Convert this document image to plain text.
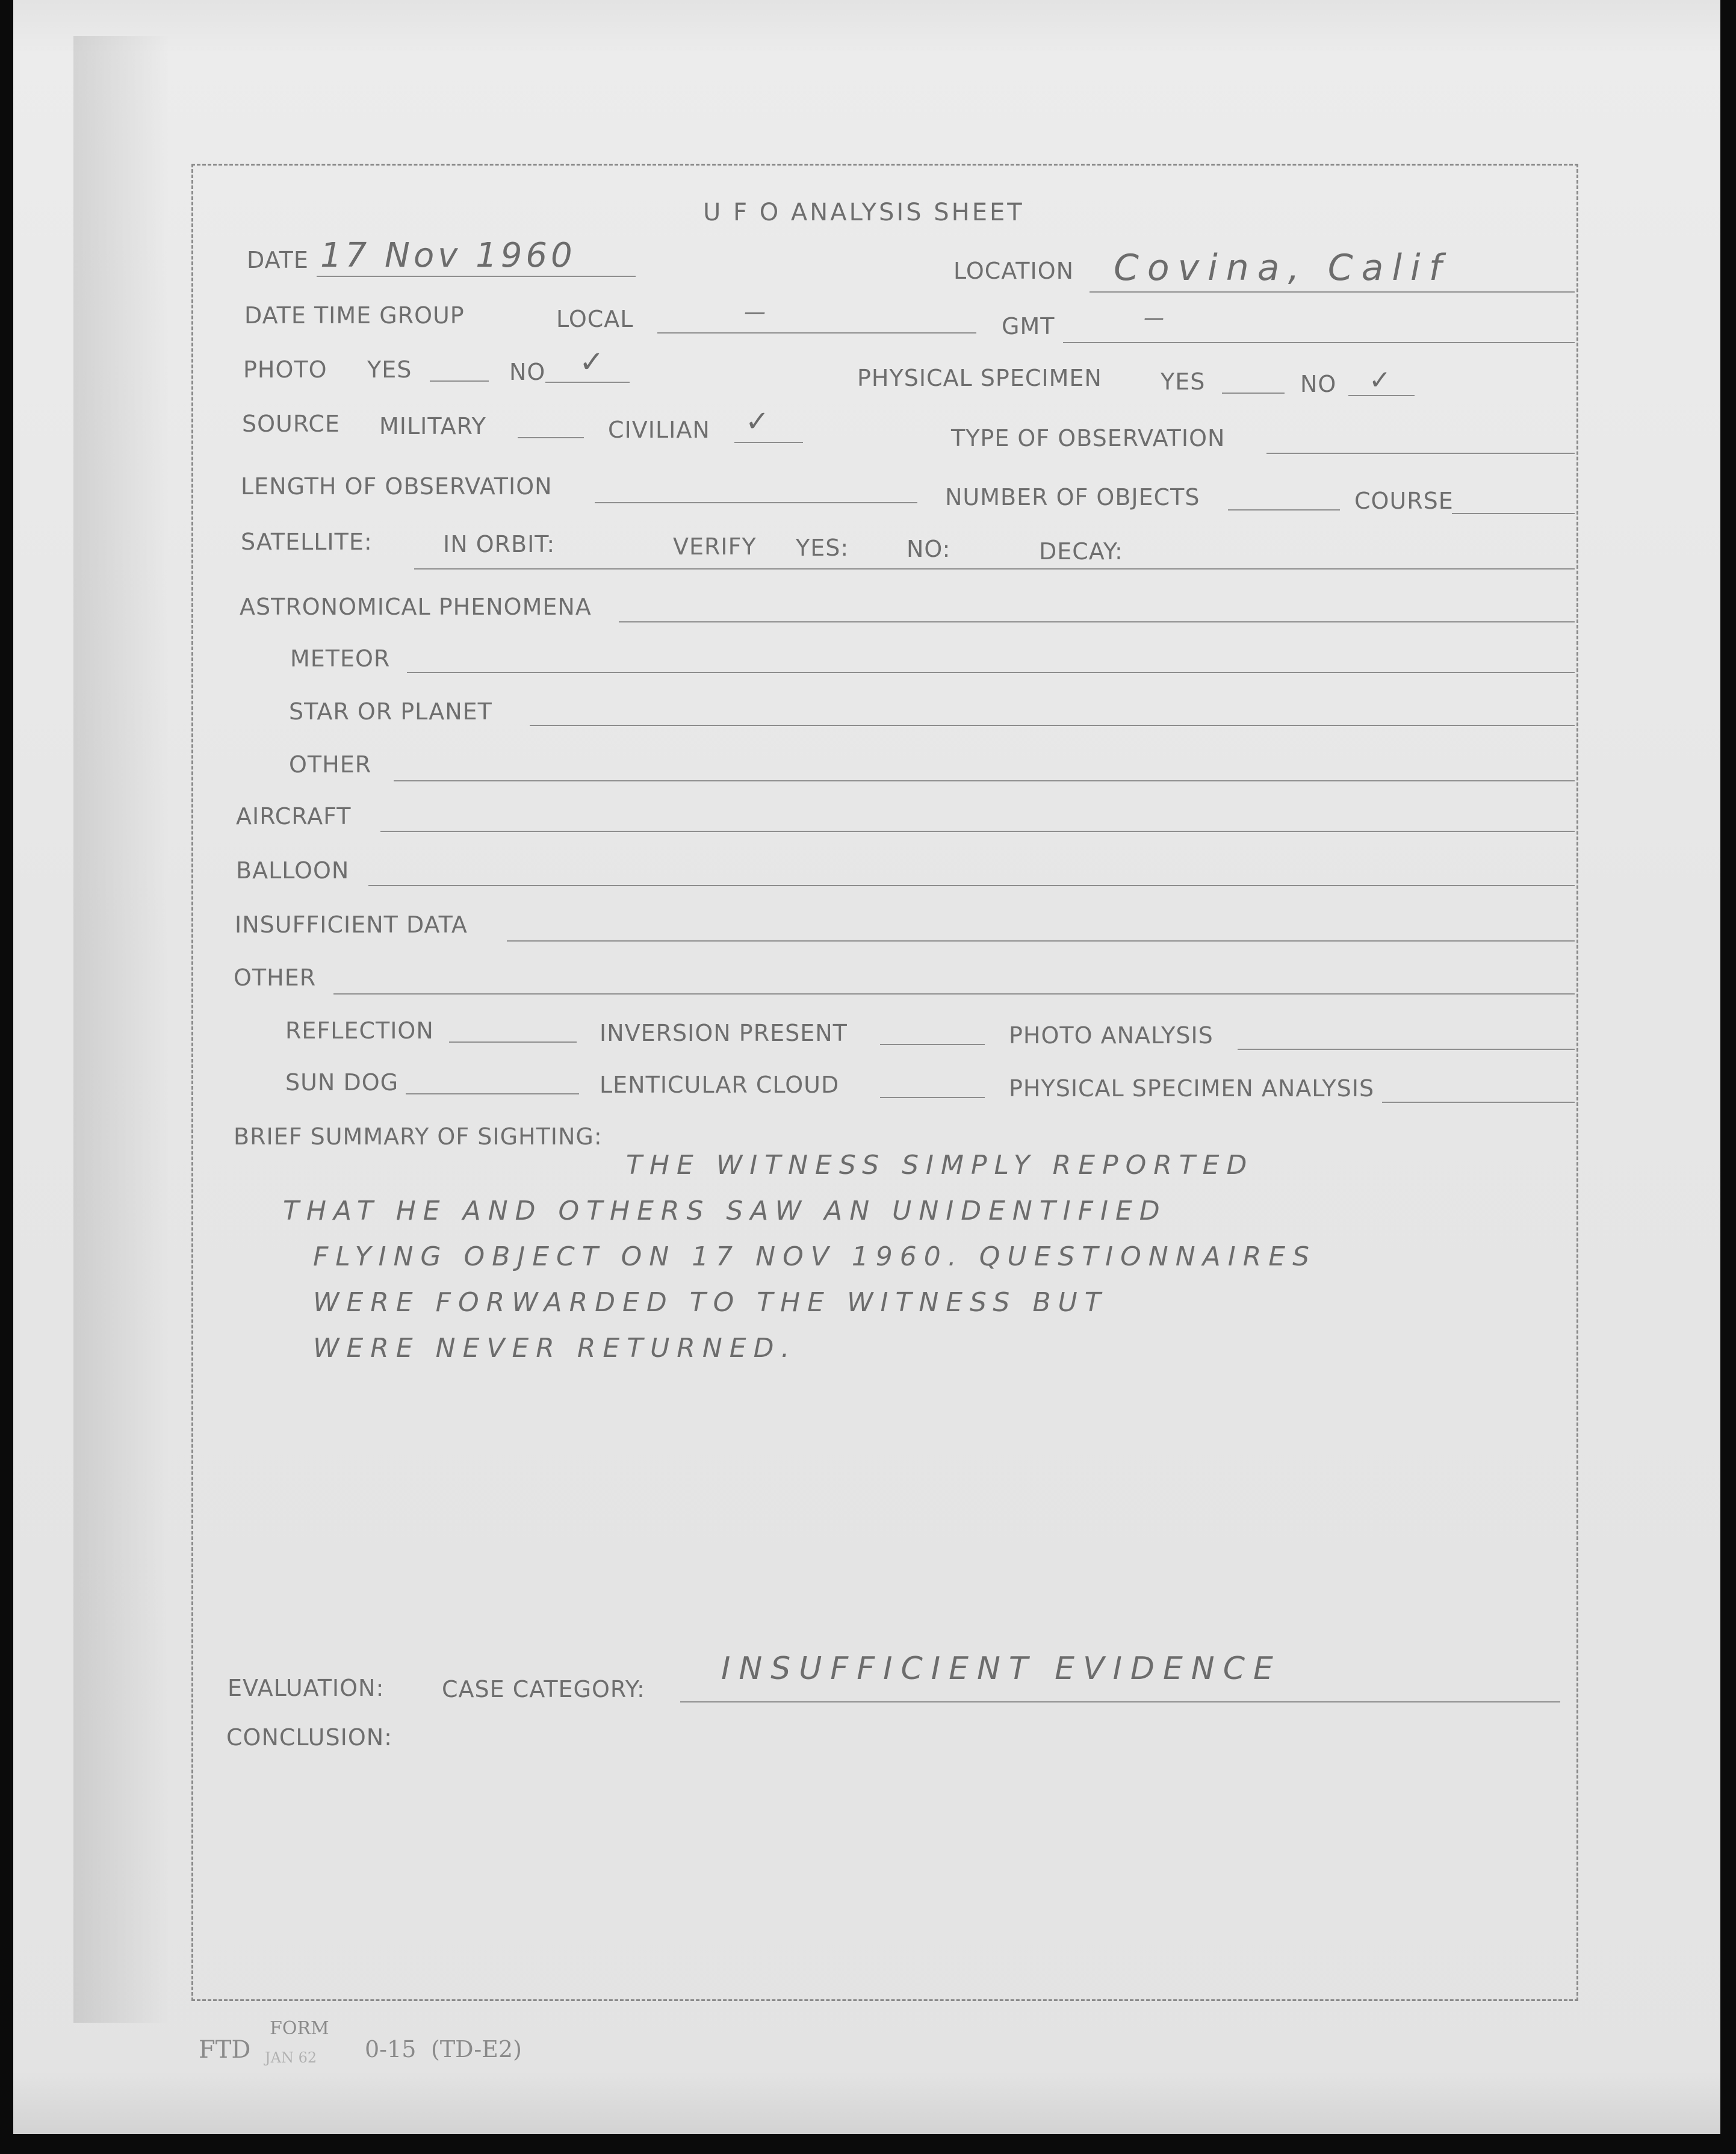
U F O ANALYSIS SHEET
DATE 17 Nov 1960	LOCATION Covina, Calif
DATE TIME GROUP	LOCAL	—
GMT	—
PHOTO YES	NO ✓	PHYSICAL SPECIMEN	YES	NO ✓
SOURCE MILITARY	CIVILIAN ✓	TYPE OF OBSERVATION
LENGTH OF OBSERVATION	NUMBER OF OBJECTS	COURSE
SATELLITE:	IN ORBIT:	VERIFY YES:	NO:	DECAY:
ASTRONOMICAL PHENOMENA
METEOR
STAR OR PLANET
OTHER
AIRCRAFT
BALLOON
INSUFFICIENT DATA
OTHER
REFLECTION	INVERSION PRESENT	PHOTO ANALYSIS
SUN DOG	LENTICULAR CLOUD	PHYSICAL SPECIMEN ANALYSIS
BRIEF SUMMARY OF SIGHTING:
THE WITNESS SIMPLY REPORTED
THAT HE AND OTHERS SAW AN UNIDENTIFIED
FLYING OBJECT ON 17 NOV 1960. QUESTIONNAIRES
WERE FORWARDED TO THE WITNESS BUT
WERE NEVER RETURNED.
EVALUATION:	CASE CATEGORY:
INSUFFICIENT EVIDENCE
CONCLUSION:
FTD
FORM
JAN 62 0-15 (TD-E2)
